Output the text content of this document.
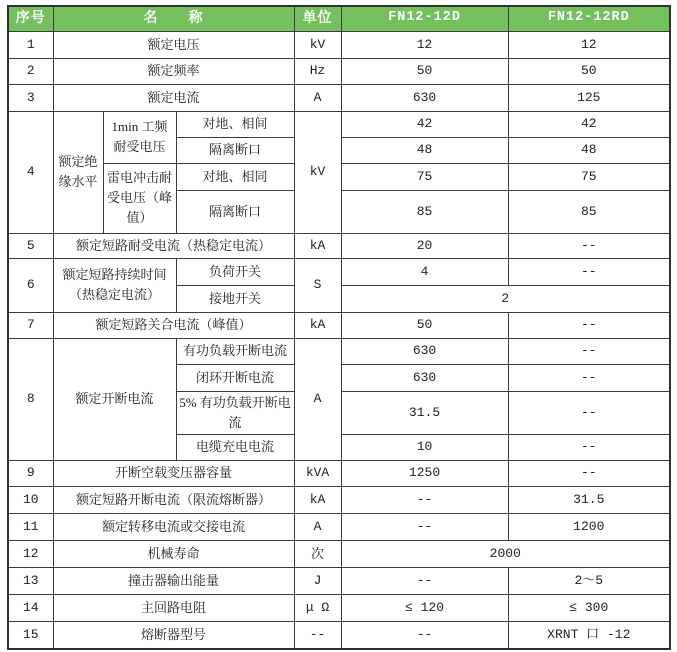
序号	名　　称			单位	FN12-12D	FN12-12RD
1	额定电压			kV	12	12
2	额定频率			Hz	50	50
3	额定电流			A	630	125
4	额定绝缘水平	1min 工频耐受电压	对地、相间	kV	42	42
			隔离断口		48	48
		雷电冲击耐受电压（峰值）	对地、相同		75	75
			隔离断口		85	85
5	额定短路耐受电流（热稳定电流）			kA	20	--
6	额定短路持续时间（热稳定电流）		负荷开关	S	4	--
			接地开关		2	
7	额定短路关合电流（峰值）			kA	50	--
8	额定开断电流		有功负载开断电流	A	630	--
			闭环开断电流		630	--
			5% 有功负载开断电流		31.5	--
			电缆充电电流		10	--
9	开断空载变压器容量			kVA	1250	--
10	额定短路开断电流（限流熔断器）			kA	--	31.5
11	额定转移电流或交接电流			A	--	1200
12	机械寿命			次	2000	
13	撞击器输出能量			J	--	2～5
14	主回路电阻			μ Ω	≤ 120	≤ 300
15	熔断器型号			--	--	XRNT 口 -12
